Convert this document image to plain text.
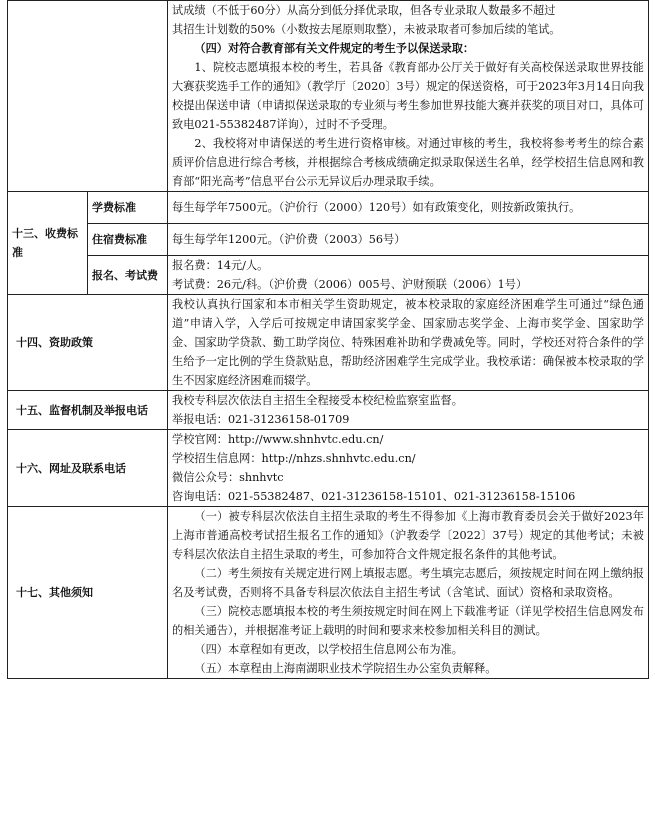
		试成绩（不低于60分）从高分到低分择优录取，但各专业录取人数最多不超过
其招生计划数的50%（小数按去尾原则取整），未被录取者可参加后续的笔试。
（四）对符合教育部有关文件规定的考生予以保送录取：
1、院校志愿填报本校的考生，若具备《教育部办公厅关于做好有关高校保送录取世界技能大赛获奖选手工作的通知》（教学厅〔2020〕3号）规定的保送资格，可于2023年3月14日向我校提出保送申请（申请拟保送录取的专业须与考生参加世界技能大赛并获奖的项目对口，具体可致电021-55382487详询），过时不予受理。
2、我校将对申请保送的考生进行资格审核。对通过审核的考生，我校将参考考生的综合素质评价信息进行综合考核，并根据综合考核成绩确定拟录取保送生名单，经学校招生信息网和教育部“阳光高考”信息平台公示无异议后办理录取手续。

十三、收费标准	学费标准	每生每学年7500元。（沪价行（2000）120号）如有政策变化，则按新政策执行。
	住宿费标准	每生每学年1200元。（沪价费（2003）56号）
	报名、考试费	报名费：14元/人。
考试费：26元/科。（沪价费（2006）005号、沪财预联（2006）1号）

十四、资助政策		我校认真执行国家和本市相关学生资助规定，被本校录取的家庭经济困难学生可通过“绿色通道”申请入学，入学后可按规定申请国家奖学金、国家励志奖学金、上海市奖学金、国家助学金、国家助学贷款、勤工助学岗位、特殊困难补助和学费减免等。同时，学校还对符合条件的学生给予一定比例的学生贷款贴息，帮助经济困难学生完成学业。我校承诺：确保被本校录取的学生不因家庭经济困难而辍学。
十五、监督机制及举报电话		我校专科层次依法自主招生全程接受本校纪检监察室监督。
举报电话：021-31236158-01709

十六、网址及联系电话		学校官网：http://www.shnhvtc.edu.cn/
学校招生信息网：http://nhzs.shnhvtc.edu.cn/
微信公众号：shnhvtc
咨询电话：021-55382487、021-31236158-15101、021-31236158-15106

十七、其他须知		（一）被专科层次依法自主招生录取的考生不得参加《上海市教育委员会关于做好2023年上海市普通高校考试招生报名工作的通知》（沪教委学〔2022〕37号）规定的其他考试；未被专科层次依法自主招生录取的考生，可参加符合文件规定报名条件的其他考试。
（二）考生须按有关规定进行网上填报志愿。考生填完志愿后，须按规定时间在网上缴纳报名及考试费，否则将不具备专科层次依法自主招生考试（含笔试、面试）资格和录取资格。
（三）院校志愿填报本校的考生须按规定时间在网上下载准考证（详见学校招生信息网发布的相关通告），并根据准考证上载明的时间和要求来校参加相关科目的测试。
（四）本章程如有更改，以学校招生信息网公布为准。
（五）本章程由上海南湖职业技术学院招生办公室负责解释。
